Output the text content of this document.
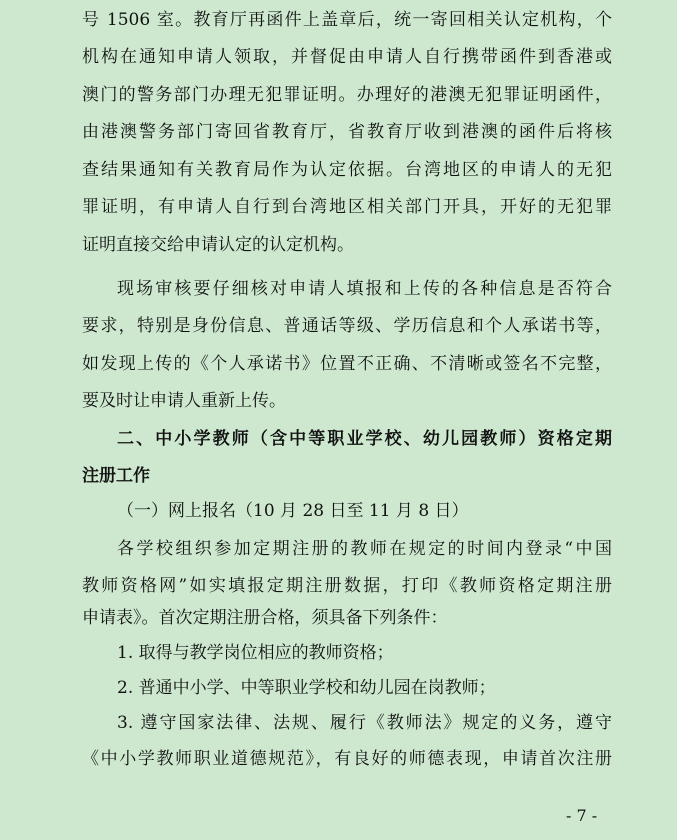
号 1506 室。教育厅再函件上盖章后，统一寄回相关认定机构，个
机构在通知申请人领取，并督促由申请人自行携带函件到香港或
澳门的警务部门办理无犯罪证明。办理好的港澳无犯罪证明函件，
由港澳警务部门寄回省教育厅，省教育厅收到港澳的函件后将核
查结果通知有关教育局作为认定依据。台湾地区的申请人的无犯
罪证明，有申请人自行到台湾地区相关部门开具，开好的无犯罪
证明直接交给申请认定的认定机构。
现场审核要仔细核对申请人填报和上传的各种信息是否符合
要求，特别是身份信息、普通话等级、学历信息和个人承诺书等，
如发现上传的《个人承诺书》位置不正确、不清晰或签名不完整，
要及时让申请人重新上传。
二、中小学教师（含中等职业学校、幼儿园教师）资格定期
注册工作
（一）网上报名（10 月 28 日至 11 月 8 日）
各学校组织参加定期注册的教师在规定的时间内登录“中国
教师资格网”如实填报定期注册数据，打印《教师资格定期注册
申请表》。首次定期注册合格，须具备下列条件：
1. 取得与教学岗位相应的教师资格；
2. 普通中小学、中等职业学校和幼儿园在岗教师；
3. 遵守国家法律、法规、履行《教师法》规定的义务，遵守
《中小学教师职业道德规范》，有良好的师德表现，申请首次注册
- 7 -
